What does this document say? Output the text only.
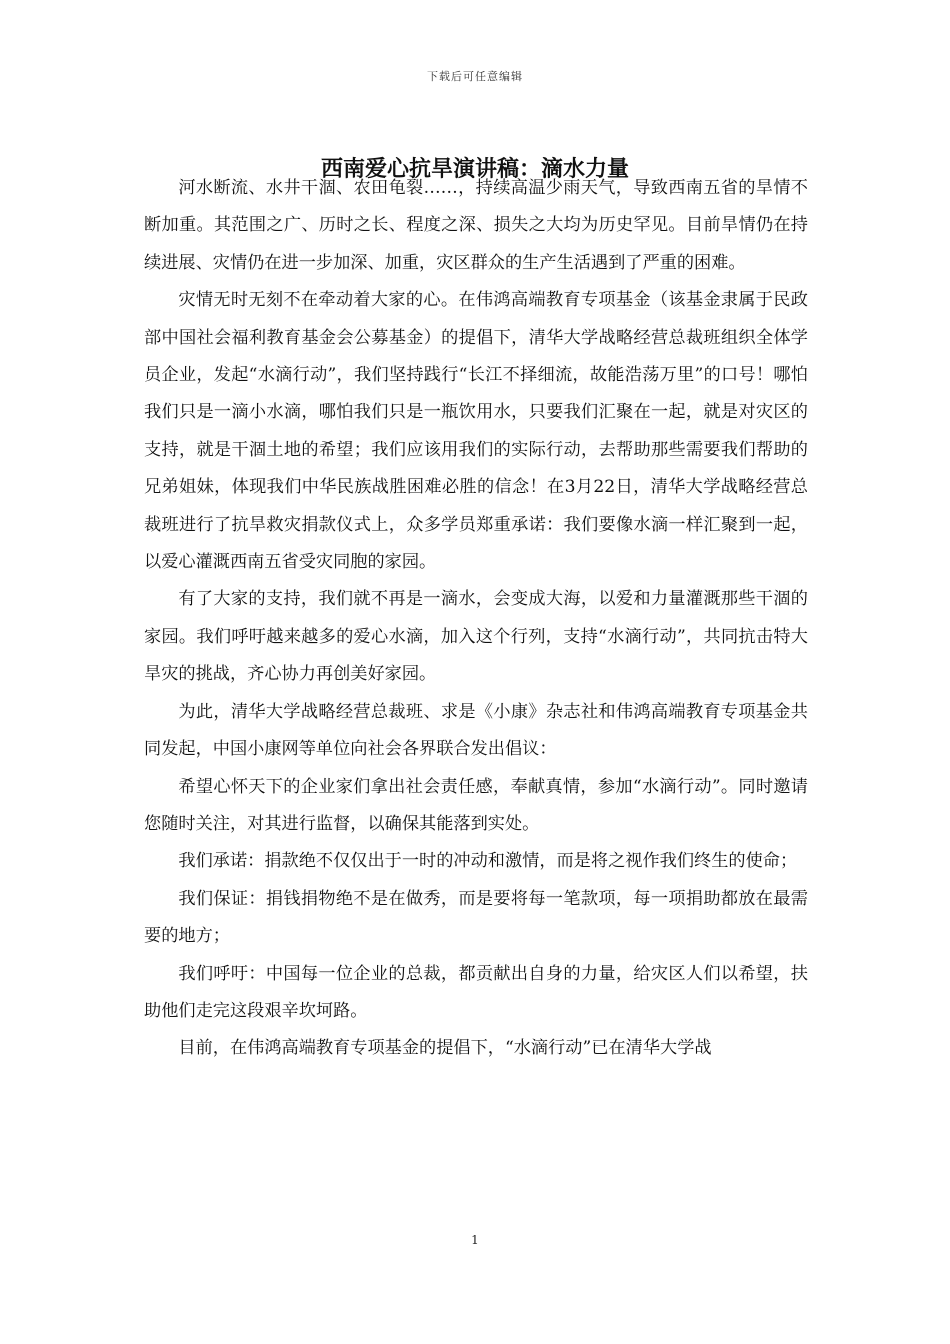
下载后可任意编辑
西南爱心抗旱演讲稿：滴水力量

河水断流、水井干涸、农田龟裂……，持续高温少雨天气，导致西南五省的旱情不断加重。其范围之广、历时之长、程度之深、损失之大均为历史罕见。目前旱情仍在持续进展、灾情仍在进一步加深、加重，灾区群众的生产生活遇到了严重的困难。

灾情无时无刻不在牵动着大家的心。在伟鸿高端教育专项基金（该基金隶属于民政部中国社会福利教育基金会公募基金）的提倡下，清华大学战略经营总裁班组织全体学员企业，发起“水滴行动”，我们坚持践行“长江不择细流，故能浩荡万里”的口号！哪怕我们只是一滴小水滴，哪怕我们只是一瓶饮用水，只要我们汇聚在一起，就是对灾区的支持，就是干涸土地的希望；我们应该用我们的实际行动，去帮助那些需要我们帮助的兄弟姐妹，体现我们中华民族战胜困难必胜的信念！在3月22日，清华大学战略经营总裁班进行了抗旱救灾捐款仪式上，众多学员郑重承诺：我们要像水滴一样汇聚到一起，以爱心灌溉西南五省受灾同胞的家园。

有了大家的支持，我们就不再是一滴水，会变成大海，以爱和力量灌溉那些干涸的家园。我们呼吁越来越多的爱心水滴，加入这个行列，支持“水滴行动”，共同抗击特大旱灾的挑战，齐心协力再创美好家园。

为此，清华大学战略经营总裁班、求是《小康》杂志社和伟鸿高端教育专项基金共同发起，中国小康网等单位向社会各界联合发出倡议：

希望心怀天下的企业家们拿出社会责任感，奉献真情，参加“水滴行动”。同时邀请您随时关注，对其进行监督，以确保其能落到实处。

我们承诺：捐款绝不仅仅出于一时的冲动和激情，而是将之视作我们终生的使命；

我们保证：捐钱捐物绝不是在做秀，而是要将每一笔款项，每一项捐助都放在最需要的地方；

我们呼吁：中国每一位企业的总裁，都贡献出自身的力量，给灾区人们以希望，扶助他们走完这段艰辛坎坷路。

目前，在伟鸿高端教育专项基金的提倡下，“水滴行动”已在清华大学战

1
